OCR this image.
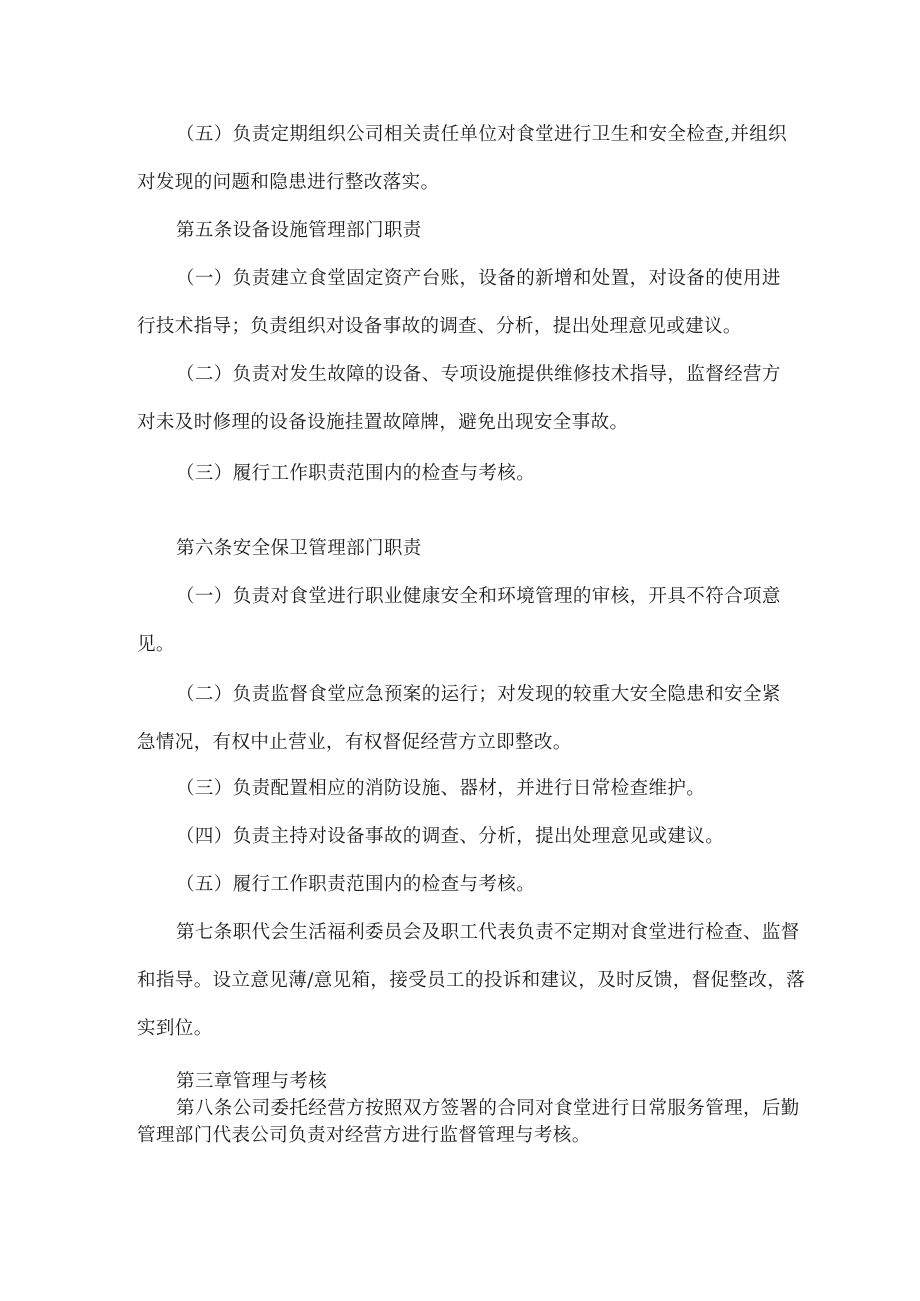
（五）负责定期组织公司相关责任单位对食堂进行卫生和安全检查,并组织
对发现的问题和隐患进行整改落实。
第五条设备设施管理部门职责
（一）负责建立食堂固定资产台账，设备的新增和处置，对设备的使用进
行技术指导；负责组织对设备事故的调查、分析，提出处理意见或建议。
（二）负责对发生故障的设备、专项设施提供维修技术指导，监督经营方
对未及时修理的设备设施挂置故障牌，避免出现安全事故。
（三）履行工作职责范围内的检查与考核。
第六条安全保卫管理部门职责
（一）负责对食堂进行职业健康安全和环境管理的审核，开具不符合项意
见。
（二）负责监督食堂应急预案的运行；对发现的较重大安全隐患和安全紧
急情况，有权中止营业，有权督促经营方立即整改。
（三）负责配置相应的消防设施、器材，并进行日常检查维护。
（四）负责主持对设备事故的调查、分析，提出处理意见或建议。
（五）履行工作职责范围内的检查与考核。
第七条职代会生活福利委员会及职工代表负责不定期对食堂进行检查、监督
和指导。设立意见薄/意见箱，接受员工的投诉和建议，及时反馈，督促整改，落
实到位。
第三章管理与考核
第八条公司委托经营方按照双方签署的合同对食堂进行日常服务管理，后勤
管理部门代表公司负责对经营方进行监督管理与考核。
